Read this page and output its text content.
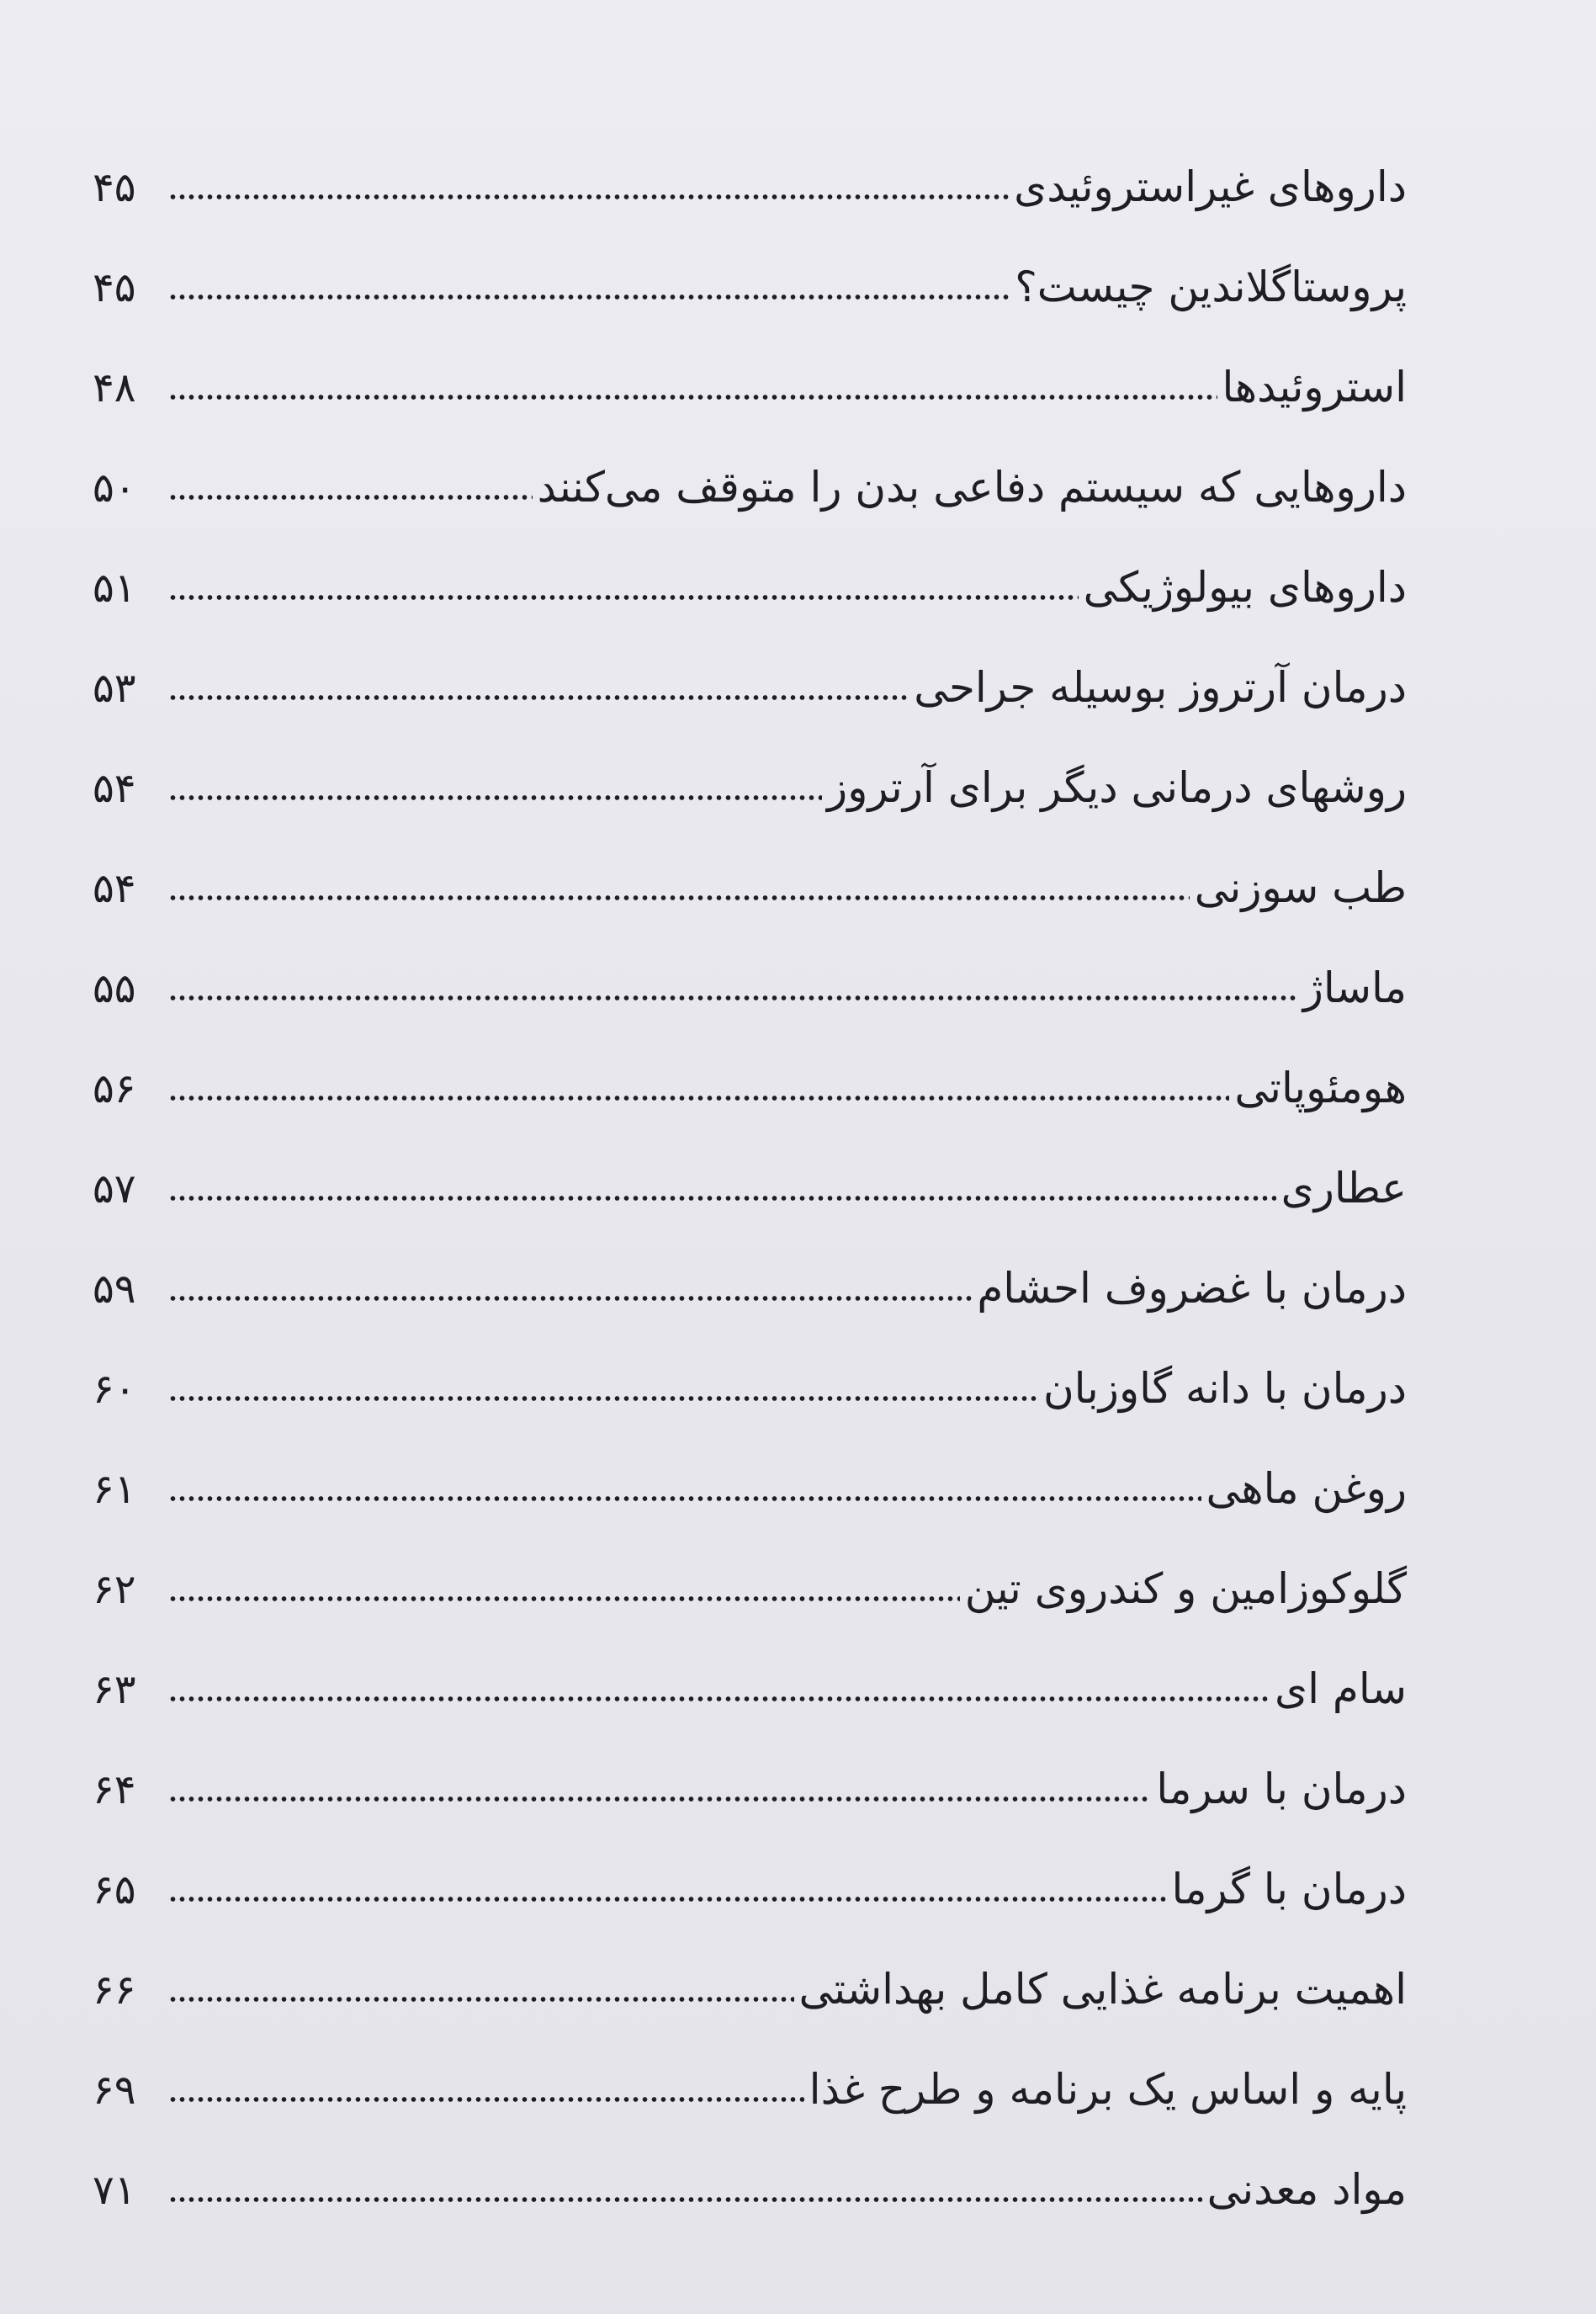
داروهای غیراستروئیدی
۴۵
پروستاگلاندین چیست؟
۴۵
استروئیدها
۴۸
داروهایی که سیستم دفاعی بدن را متوقف می‌کنند
۵۰
داروهای بیولوژیکی
۵۱
درمان آرتروز بوسیله جراحی
۵۳
روشهای درمانی دیگر برای آرتروز
۵۴
طب سوزنی
۵۴
ماساژ
۵۵
هومئوپاتی
۵۶
عطاری
۵۷
درمان با غضروف احشام
۵۹
درمان با دانه گاوزبان
۶۰
روغن ماهی
۶۱
گلوکوزامین و کندروی تین
۶۲
سام ای
۶۳
درمان با سرما
۶۴
درمان با گرما
۶۵
اهمیت برنامه غذایی کامل بهداشتی
۶۶
پایه و اساس یک برنامه و طرح غذا
۶۹
مواد معدنی
۷۱
